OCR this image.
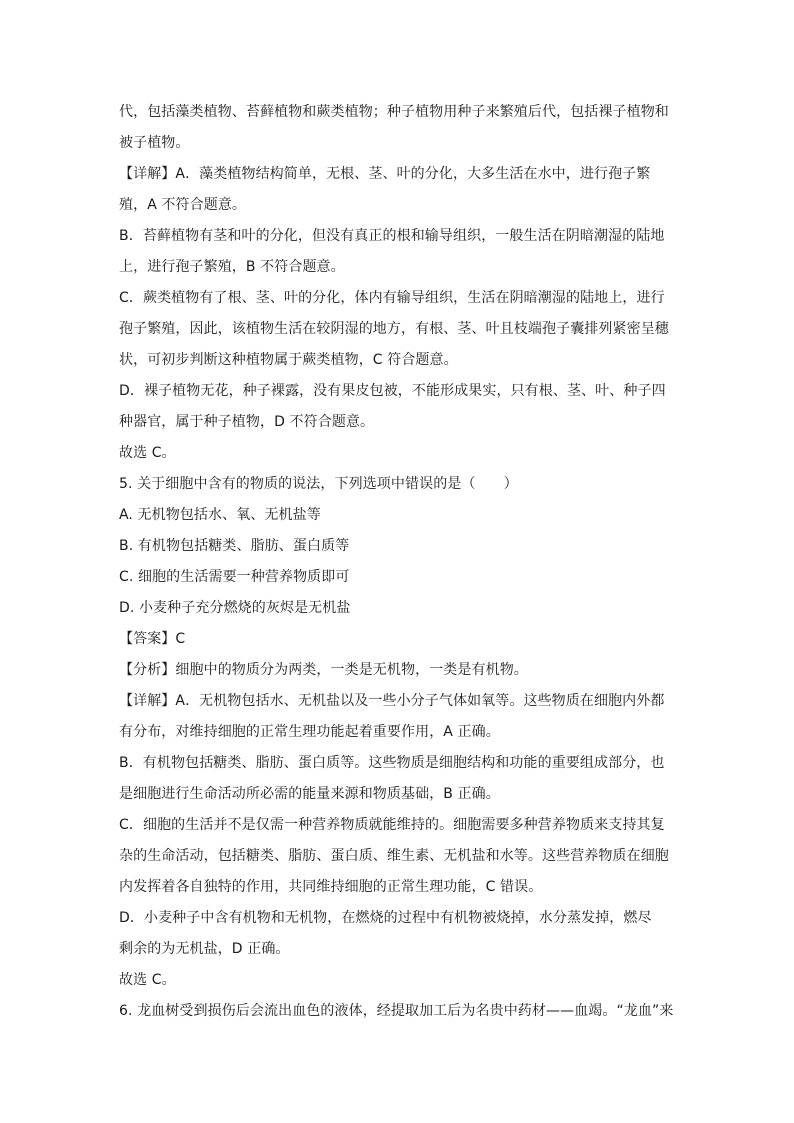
代，包括藻类植物、苔藓植物和蕨类植物；种子植物用种子来繁殖后代，包括裸子植物和
被子植物。
【详解】A．藻类植物结构简单，无根、茎、叶的分化，大多生活在水中，进行孢子繁
殖，A 不符合题意。
B．苔藓植物有茎和叶的分化，但没有真正的根和输导组织，一般生活在阴暗潮湿的陆地
上，进行孢子繁殖，B 不符合题意。
C．蕨类植物有了根、茎、叶的分化，体内有输导组织，生活在阴暗潮湿的陆地上，进行
孢子繁殖，因此，该植物生活在较阴湿的地方，有根、茎、叶且枝端孢子囊排列紧密呈穗
状，可初步判断这种植物属于蕨类植物，C 符合题意。
D．裸子植物无花，种子裸露，没有果皮包被，不能形成果实，只有根、茎、叶、种子四
种器官，属于种子植物，D 不符合题意。
故选 C。
5. 关于细胞中含有的物质的说法，下列选项中错误的是（　　）
A. 无机物包括水、氧、无机盐等
B. 有机物包括糖类、脂肪、蛋白质等
C. 细胞的生活需要一种营养物质即可
D. 小麦种子充分燃烧的灰烬是无机盐
【答案】C
【分析】细胞中的物质分为两类，一类是无机物，一类是有机物。
【详解】A．无机物包括水、无机盐以及一些小分子气体如氧等。这些物质在细胞内外都
有分布，对维持细胞的正常生理功能起着重要作用，A 正确。
B．有机物包括糖类、脂肪、蛋白质等。这些物质是细胞结构和功能的重要组成部分，也
是细胞进行生命活动所必需的能量来源和物质基础，B 正确。
C．细胞的生活并不是仅需一种营养物质就能维持的。细胞需要多种营养物质来支持其复
杂的生命活动，包括糖类、脂肪、蛋白质、维生素、无机盐和水等。这些营养物质在细胞
内发挥着各自独特的作用，共同维持细胞的正常生理功能，C 错误。
D．小麦种子中含有机物和无机物，在燃烧的过程中有机物被烧掉，水分蒸发掉，燃尽
剩余的为无机盐，D 正确。
故选 C。
6. 龙血树受到损伤后会流出血色的液体，经提取加工后为名贵中药材——血竭。“龙血”来
